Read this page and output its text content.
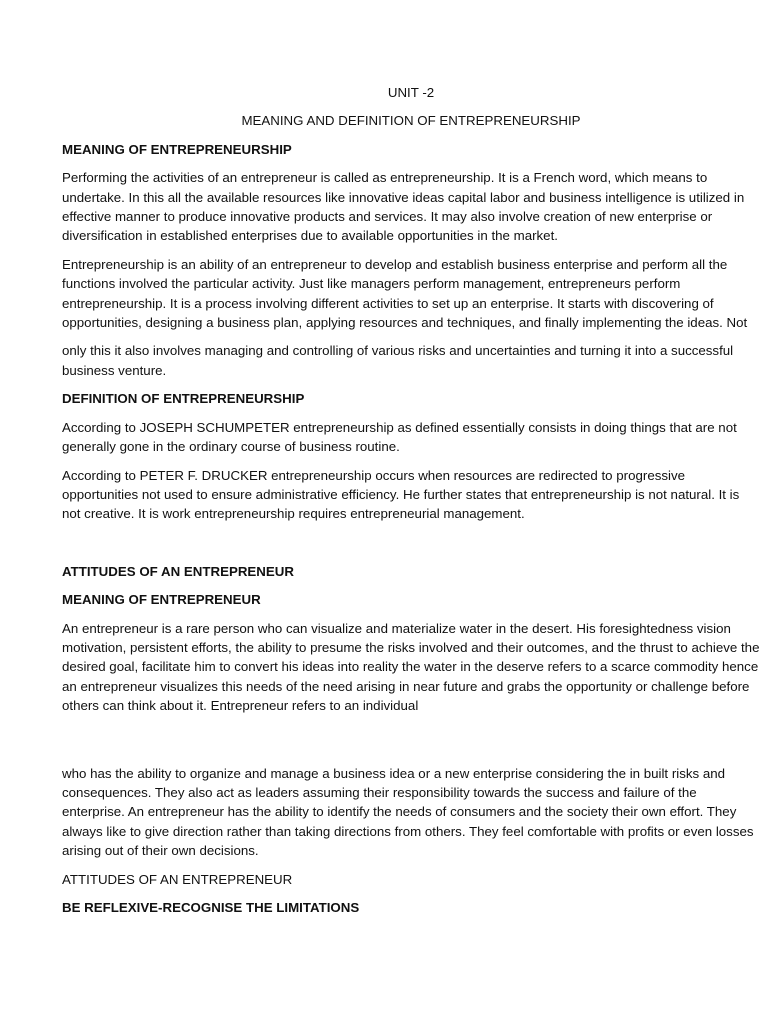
UNIT -2
MEANING AND DEFINITION OF ENTREPRENEURSHIP
MEANING OF ENTREPRENEURSHIP

Performing the activities of an entrepreneur is called as entrepreneurship. It is a French word, which means to undertake. In this all the available resources like innovative ideas capital labor and business intelligence is utilized in effective manner to produce innovative products and services. It may also involve creation of new enterprise or diversification in established enterprises due to available opportunities in the market.

Entrepreneurship is an ability of an entrepreneur to develop and establish business enterprise and perform all the functions involved the particular activity. Just like managers perform management, entrepreneurs perform entrepreneurship. It is a process involving different activities to set up an enterprise. It starts with discovering of opportunities, designing a business plan, applying resources and techniques, and finally implementing the ideas. Not

only this it also involves managing and controlling of various risks and uncertainties and turning it into a successful business venture.

DEFINITION OF ENTREPRENEURSHIP

According to JOSEPH SCHUMPETER entrepreneurship as defined essentially consists in doing things that are not generally gone in the ordinary course of business routine.

According to PETER F. DRUCKER entrepreneurship occurs when resources are redirected to progressive opportunities not used to ensure administrative efficiency. He further states that entrepreneurship is not natural. It is not creative. It is work entrepreneurship requires entrepreneurial management.

ATTITUDES OF AN ENTREPRENEUR
MEANING OF ENTREPRENEUR

An entrepreneur is a rare person who can visualize and materialize water in the desert. His foresightedness vision motivation, persistent efforts, the ability to presume the risks involved and their outcomes, and the thrust to achieve the desired goal, facilitate him to convert his ideas into reality the water in the deserve refers to a scarce commodity hence an entrepreneur visualizes this needs of the need arising in near future and grabs the opportunity or challenge before others can think about it. Entrepreneur refers to an individual

who has the ability to organize and manage a business idea or a new enterprise considering the in built risks and consequences. They also act as leaders assuming their responsibility towards the success and failure of the enterprise. An entrepreneur has the ability to identify the needs of consumers and the society their own effort. They always like to give direction rather than taking directions from others. They feel comfortable with profits or even losses arising out of their own decisions.

ATTITUDES OF AN ENTREPRENEUR
BE REFLEXIVE-RECOGNISE THE LIMITATIONS
